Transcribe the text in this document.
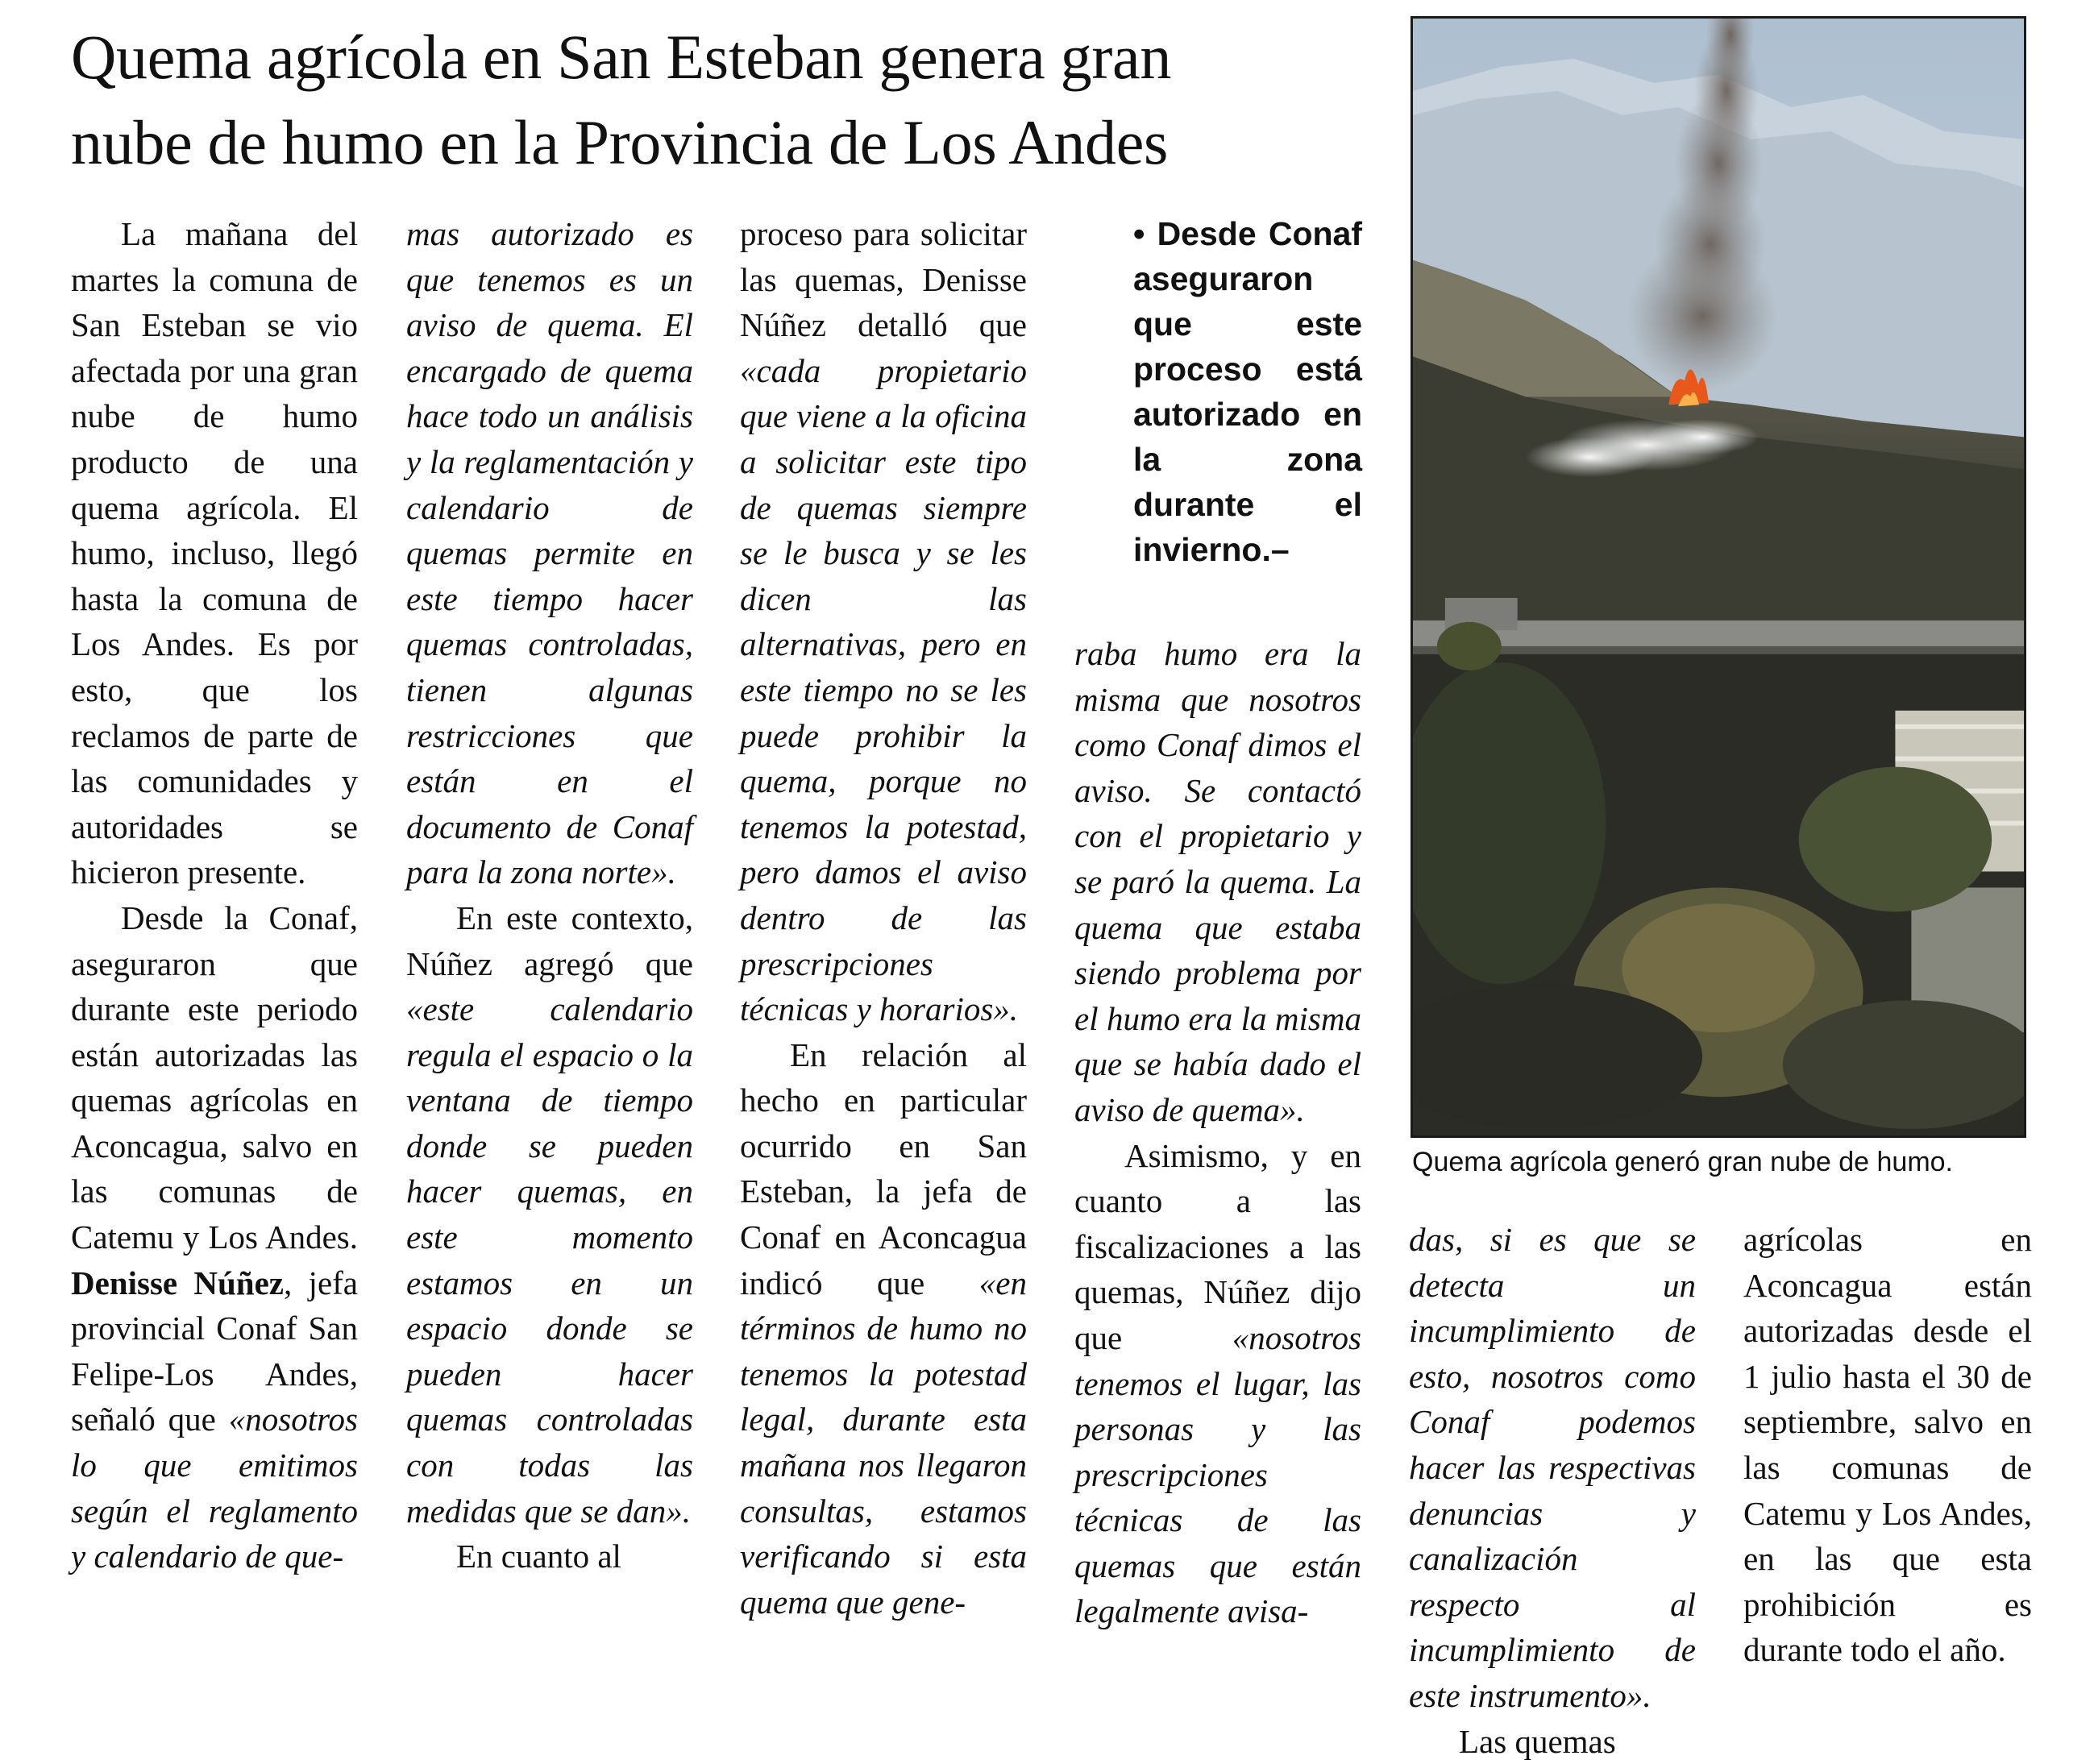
Quema agrícola en San Esteban genera gran
nube de humo en la Provincia de Los Andes

La mañana del martes la comuna de San Esteban se vio afectada por una gran nube de humo producto de una quema agrícola. El humo, incluso, llegó hasta la comuna de Los Andes. Es por esto, que los reclamos de parte de las comunidades y autoridades se hicieron presente.

Desde la Conaf, aseguraron que durante este periodo están autorizadas las quemas agrícolas en Aconcagua, salvo en las comunas de Catemu y Los Andes. Denisse Núñez, jefa provincial Conaf San Felipe-Los Andes, señaló que «nosotros lo que emitimos según el reglamento y calendario de que-

mas autorizado es que tenemos es un aviso de quema. El encargado de quema hace todo un análisis y la reglamentación y calendario de quemas permite en este tiempo hacer quemas controladas, tienen algunas restricciones que están en el documento de Conaf para la zona norte».

En este contexto, Núñez agregó que «este calendario regula el espacio o la ventana de tiempo donde se pueden hacer quemas, en este momento estamos en un espacio donde se pueden hacer quemas controladas con todas las medidas que se dan».

En cuanto al

proceso para solicitar las quemas, Denisse Núñez detalló que «cada propietario que viene a la oficina a solicitar este tipo de quemas siempre se le busca y se les dicen las alternativas, pero en este tiempo no se les puede prohibir la quema, porque no tenemos la potestad, pero damos el aviso dentro de las prescripciones técnicas y horarios».

En relación al hecho en particular ocurrido en San Esteban, la jefa de Conaf en Aconcagua indicó que «en términos de humo no tenemos la potestad legal, durante esta mañana nos llegaron consultas, estamos verificando si esta quema que gene-

• Desde Conaf aseguraron que este proceso está autorizado en la zona durante el invierno.–

raba humo era la misma que nosotros como Conaf dimos el aviso. Se contactó con el propietario y se paró la quema. La quema que estaba siendo problema por el humo era la misma que se había dado el aviso de quema».

Asimismo, y en cuanto a las fiscalizaciones a las quemas, Núñez dijo que	«nosotros tenemos el lugar, las personas y las prescripciones técnicas de las quemas que están legalmente avisa-

Quema agrícola generó gran nube de humo.

das, si es que se detecta un incumplimiento de esto, nosotros como Conaf podemos hacer las respectivas denuncias y canalización respecto al incumplimiento de este instrumento».

Las quemas

agrícolas en Aconcagua están autorizadas desde el 1 julio hasta el 30 de septiembre, salvo en las comunas de Catemu y Los Andes, en las que esta prohibición es durante todo el año.
